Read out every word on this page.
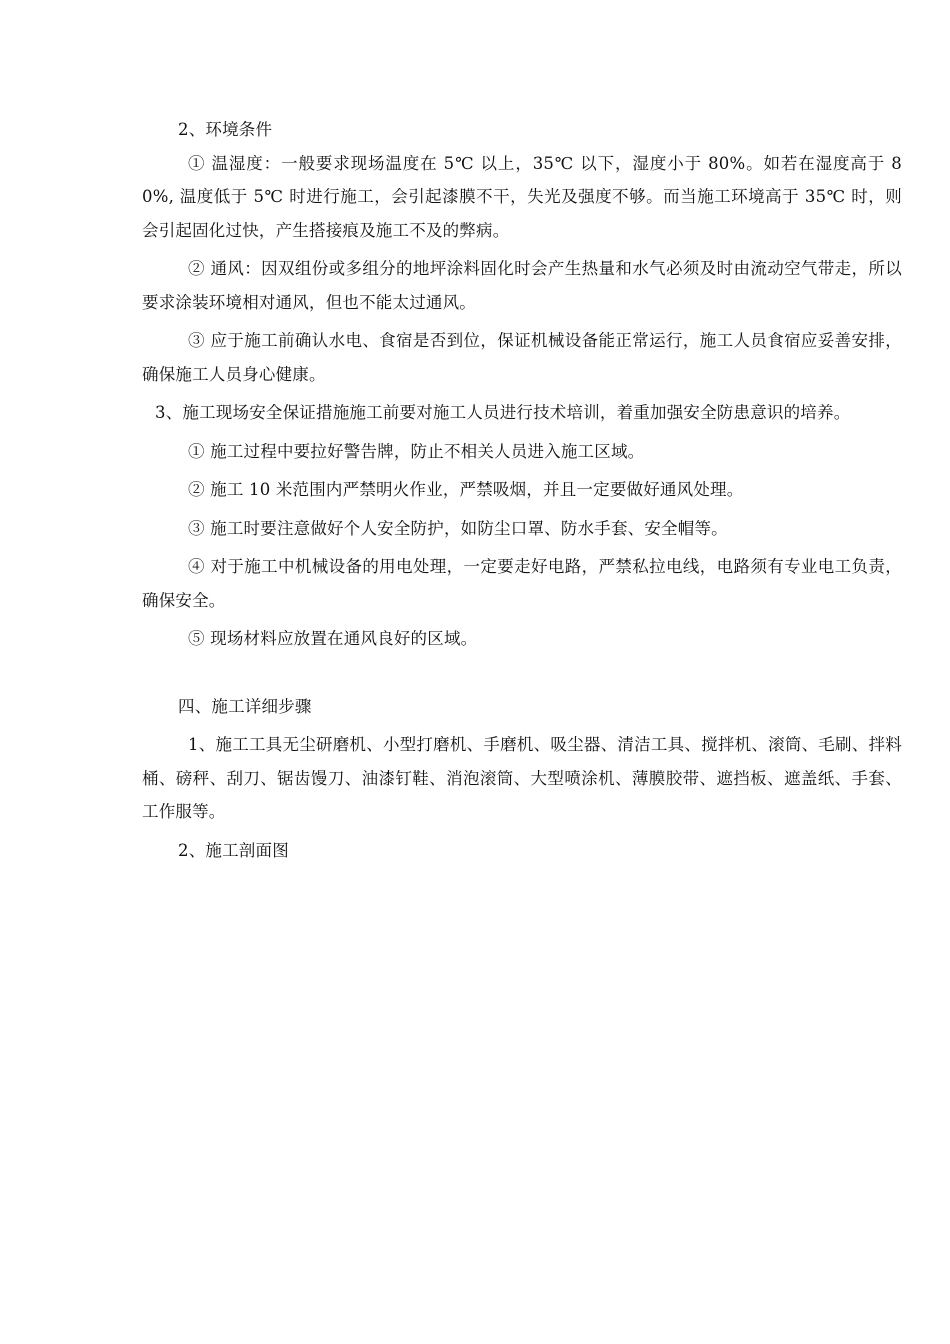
2、环境条件

① 温湿度：一般要求现场温度在 5℃ 以上，35℃ 以下，湿度小于 80%。如若在湿度高于 80%, 温度低于 5℃ 时进行施工，会引起漆膜不干，失光及强度不够。而当施工环境高于 35℃ 时，则会引起固化过快，产生搭接痕及施工不及的弊病。

② 通风：因双组份或多组分的地坪涂料固化时会产生热量和水气必须及时由流动空气带走，所以要求涂装环境相对通风，但也不能太过通风。

③ 应于施工前确认水电、食宿是否到位，保证机械设备能正常运行，施工人员食宿应妥善安排，确保施工人员身心健康。

3、施工现场安全保证措施施工前要对施工人员进行技术培训，着重加强安全防患意识的培养。

① 施工过程中要拉好警告牌，防止不相关人员进入施工区域。

② 施工 10 米范围内严禁明火作业，严禁吸烟，并且一定要做好通风处理。

③ 施工时要注意做好个人安全防护，如防尘口罩、防水手套、安全帽等。

④ 对于施工中机械设备的用电处理，一定要走好电路，严禁私拉电线，电路须有专业电工负责，确保安全。

⑤ 现场材料应放置在通风良好的区域。

四、施工详细步骤

1、施工工具无尘研磨机、小型打磨机、手磨机、吸尘器、清洁工具、搅拌机、滚筒、毛刷、拌料桶、磅秤、刮刀、锯齿馒刀、油漆钉鞋、消泡滚筒、大型喷涂机、薄膜胶带、遮挡板、遮盖纸、手套、工作服等。

2、施工剖面图
